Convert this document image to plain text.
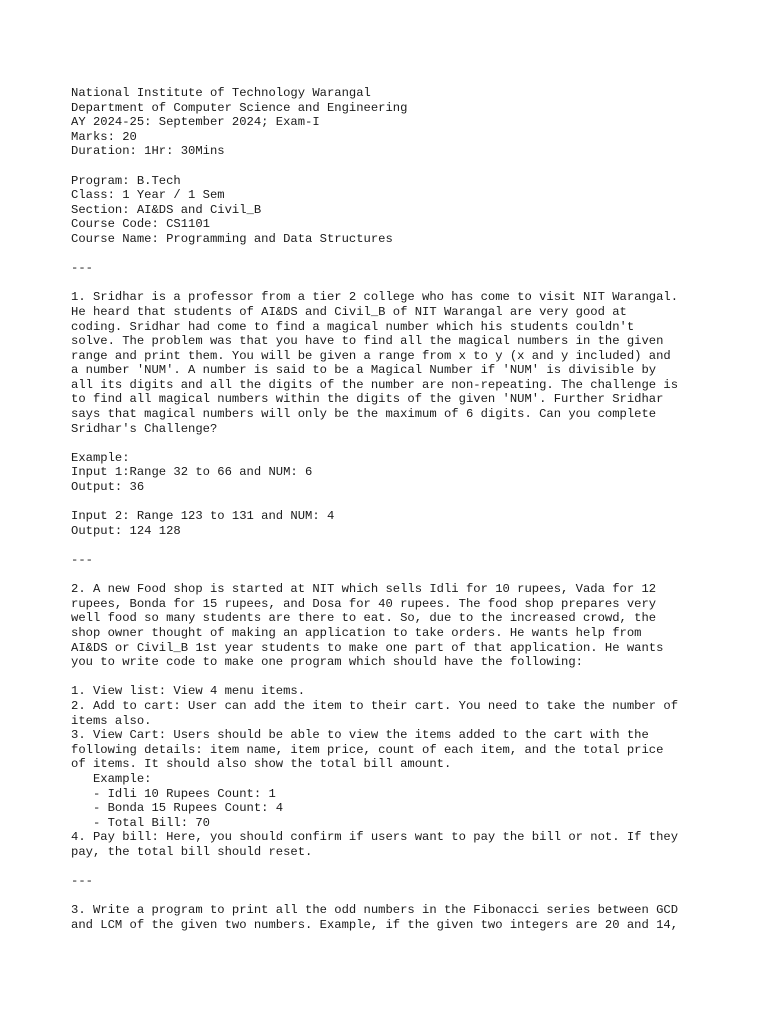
National Institute of Technology Warangal
Department of Computer Science and Engineering
AY 2024-25: September 2024; Exam-I
Marks: 20
Duration: 1Hr: 30Mins
Program: B.Tech
Class: 1 Year / 1 Sem
Section: AI&DS and Civil_B
Course Code: CS1101
Course Name: Programming and Data Structures
---
1. Sridhar is a professor from a tier 2 college who has come to visit NIT Warangal.
He heard that students of AI&DS and Civil_B of NIT Warangal are very good at
coding. Sridhar had come to find a magical number which his students couldn't
solve. The problem was that you have to find all the magical numbers in the given
range and print them. You will be given a range from x to y (x and y included) and
a number 'NUM'. A number is said to be a Magical Number if 'NUM' is divisible by
all its digits and all the digits of the number are non-repeating. The challenge is
to find all magical numbers within the digits of the given 'NUM'. Further Sridhar
says that magical numbers will only be the maximum of 6 digits. Can you complete
Sridhar's Challenge?
Example:
Input 1:Range 32 to 66 and NUM: 6
Output: 36
Input 2: Range 123 to 131 and NUM: 4
Output: 124 128
---
2. A new Food shop is started at NIT which sells Idli for 10 rupees, Vada for 12
rupees, Bonda for 15 rupees, and Dosa for 40 rupees. The food shop prepares very
well food so many students are there to eat. So, due to the increased crowd, the
shop owner thought of making an application to take orders. He wants help from
AI&DS or Civil_B 1st year students to make one part of that application. He wants
you to write code to make one program which should have the following:
1. View list: View 4 menu items.
2. Add to cart: User can add the item to their cart. You need to take the number of
items also.
3. View Cart: Users should be able to view the items added to the cart with the
following details: item name, item price, count of each item, and the total price
of items. It should also show the total bill amount.
Example:
- Idli 10 Rupees Count: 1
- Bonda 15 Rupees Count: 4
- Total Bill: 70
4. Pay bill: Here, you should confirm if users want to pay the bill or not. If they
pay, the total bill should reset.
---
3. Write a program to print all the odd numbers in the Fibonacci series between GCD
and LCM of the given two numbers. Example, if the given two integers are 20 and 14,
